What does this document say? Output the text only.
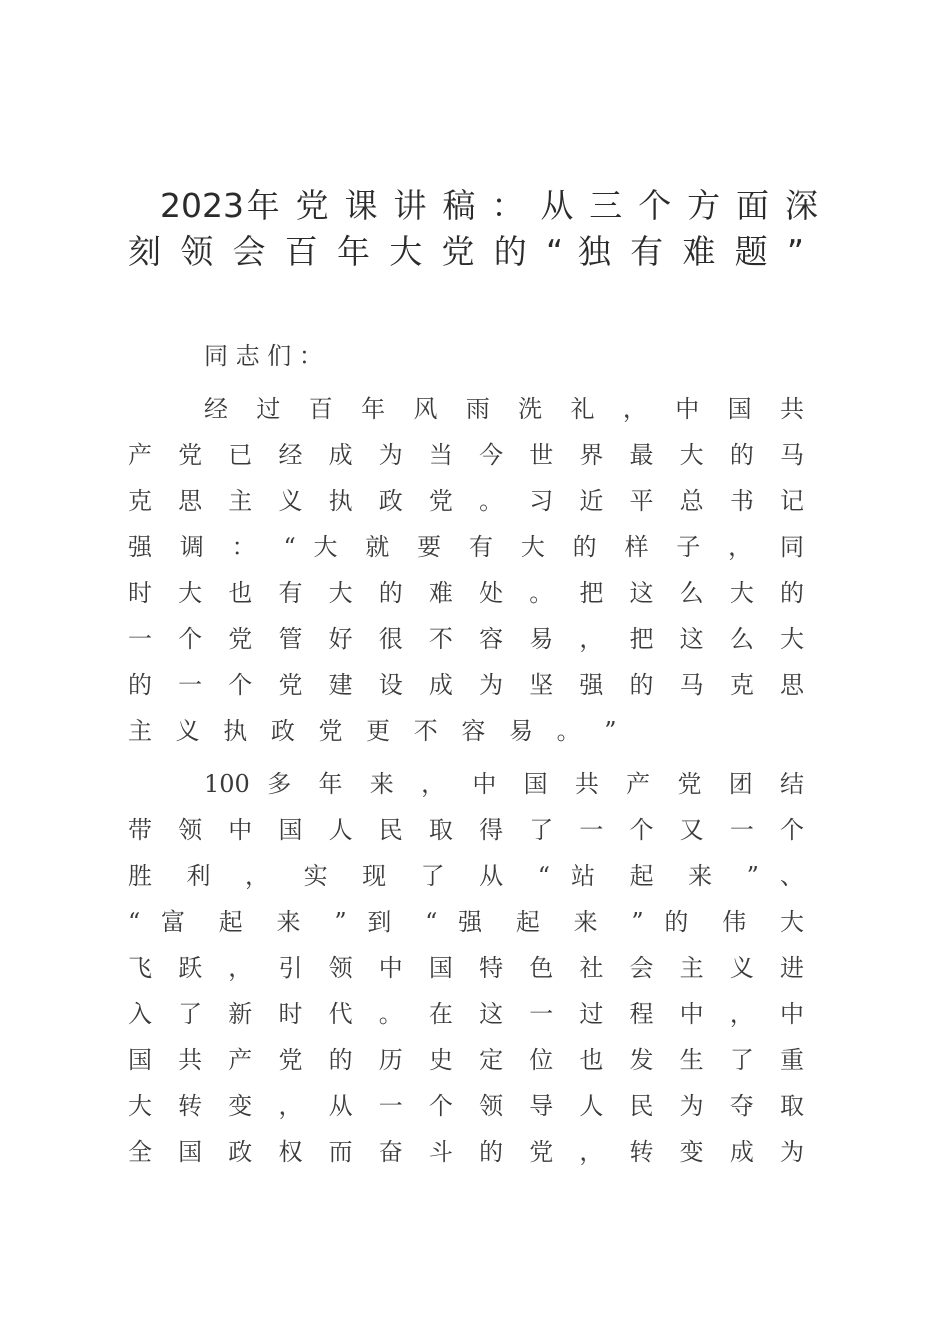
2023年 党 课 讲 稿 ： 从 三 个 方 面 深
刻 领 会 百 年 大 党 的 “ 独 有 难 题 ”
同 志 们 ：
经 过 百 年 风 雨 洗 礼 ， 中 国 共
产 党 已 经 成 为 当 今 世 界 最 大 的 马
克 思 主 义 执 政 党 。 习 近 平 总 书 记
强 调 ： “ 大 就 要 有 大 的 样 子 ， 同
时 大 也 有 大 的 难 处 。 把 这 么 大 的
一 个 党 管 好 很 不 容 易 ， 把 这 么 大
的 一 个 党 建 设 成 为 坚 强 的 马 克 思
主 义 执 政 党 更 不 容 易 。 ”
100 多 年 来 ， 中 国 共 产 党 团 结
带 领 中 国 人 民 取 得 了 一 个 又 一 个
胜 利 ， 实 现 了 从 “ 站 起 来 ” 、
“ 富 起 来 ” 到 “ 强 起 来 ” 的 伟 大
飞 跃 ， 引 领 中 国 特 色 社 会 主 义 进
入 了 新 时 代 。 在 这 一 过 程 中 ， 中
国 共 产 党 的 历 史 定 位 也 发 生 了 重
大 转 变 ， 从 一 个 领 导 人 民 为 夺 取
全 国 政 权 而 奋 斗 的 党 ， 转 变 成 为
